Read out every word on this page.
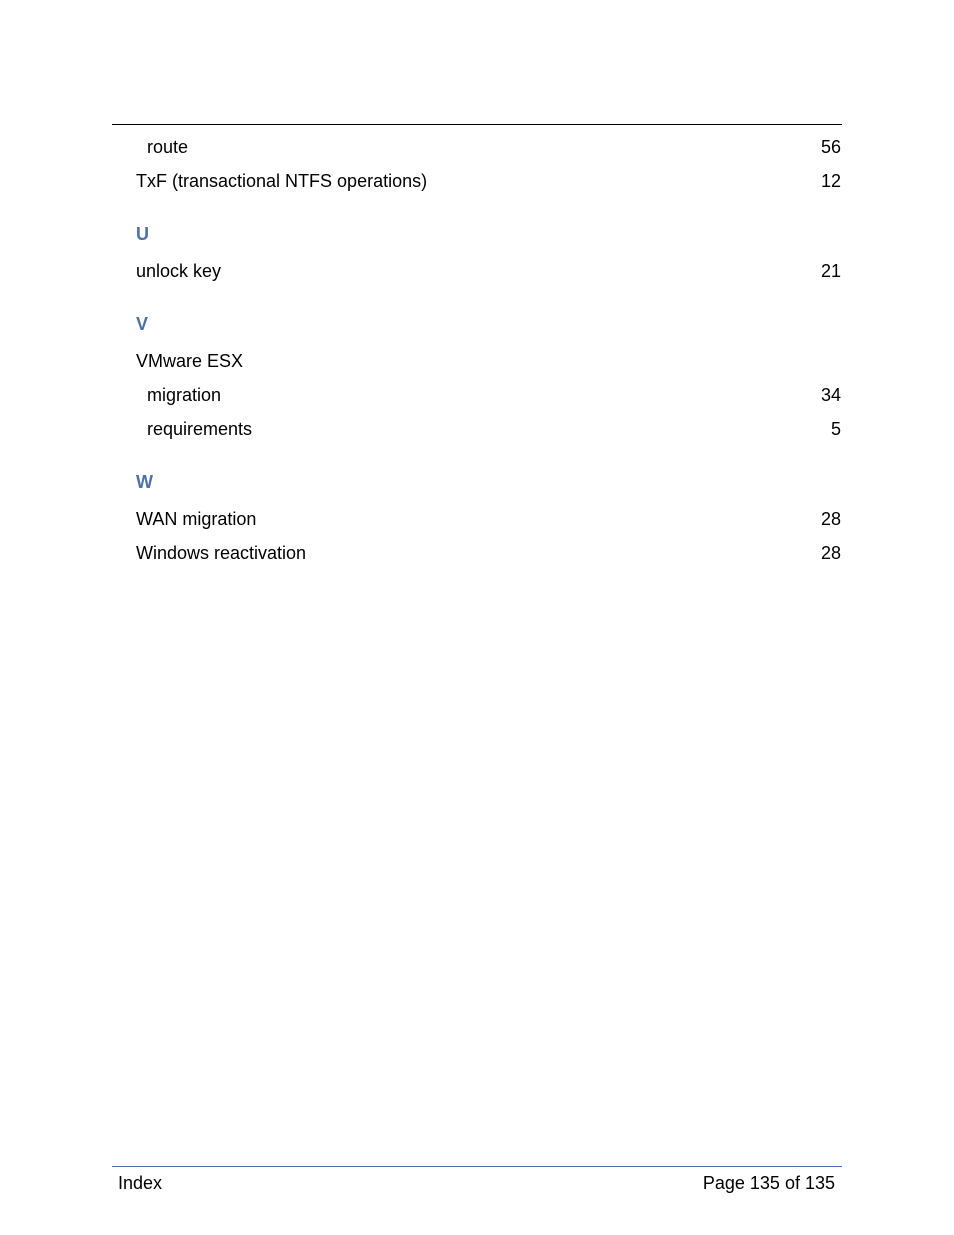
route	56
TxF (transactional NTFS operations)	12
U
unlock key	21
V
VMware ESX
migration	34
requirements	5
W
WAN migration	28
Windows reactivation	28
Index	Page 135 of 135
